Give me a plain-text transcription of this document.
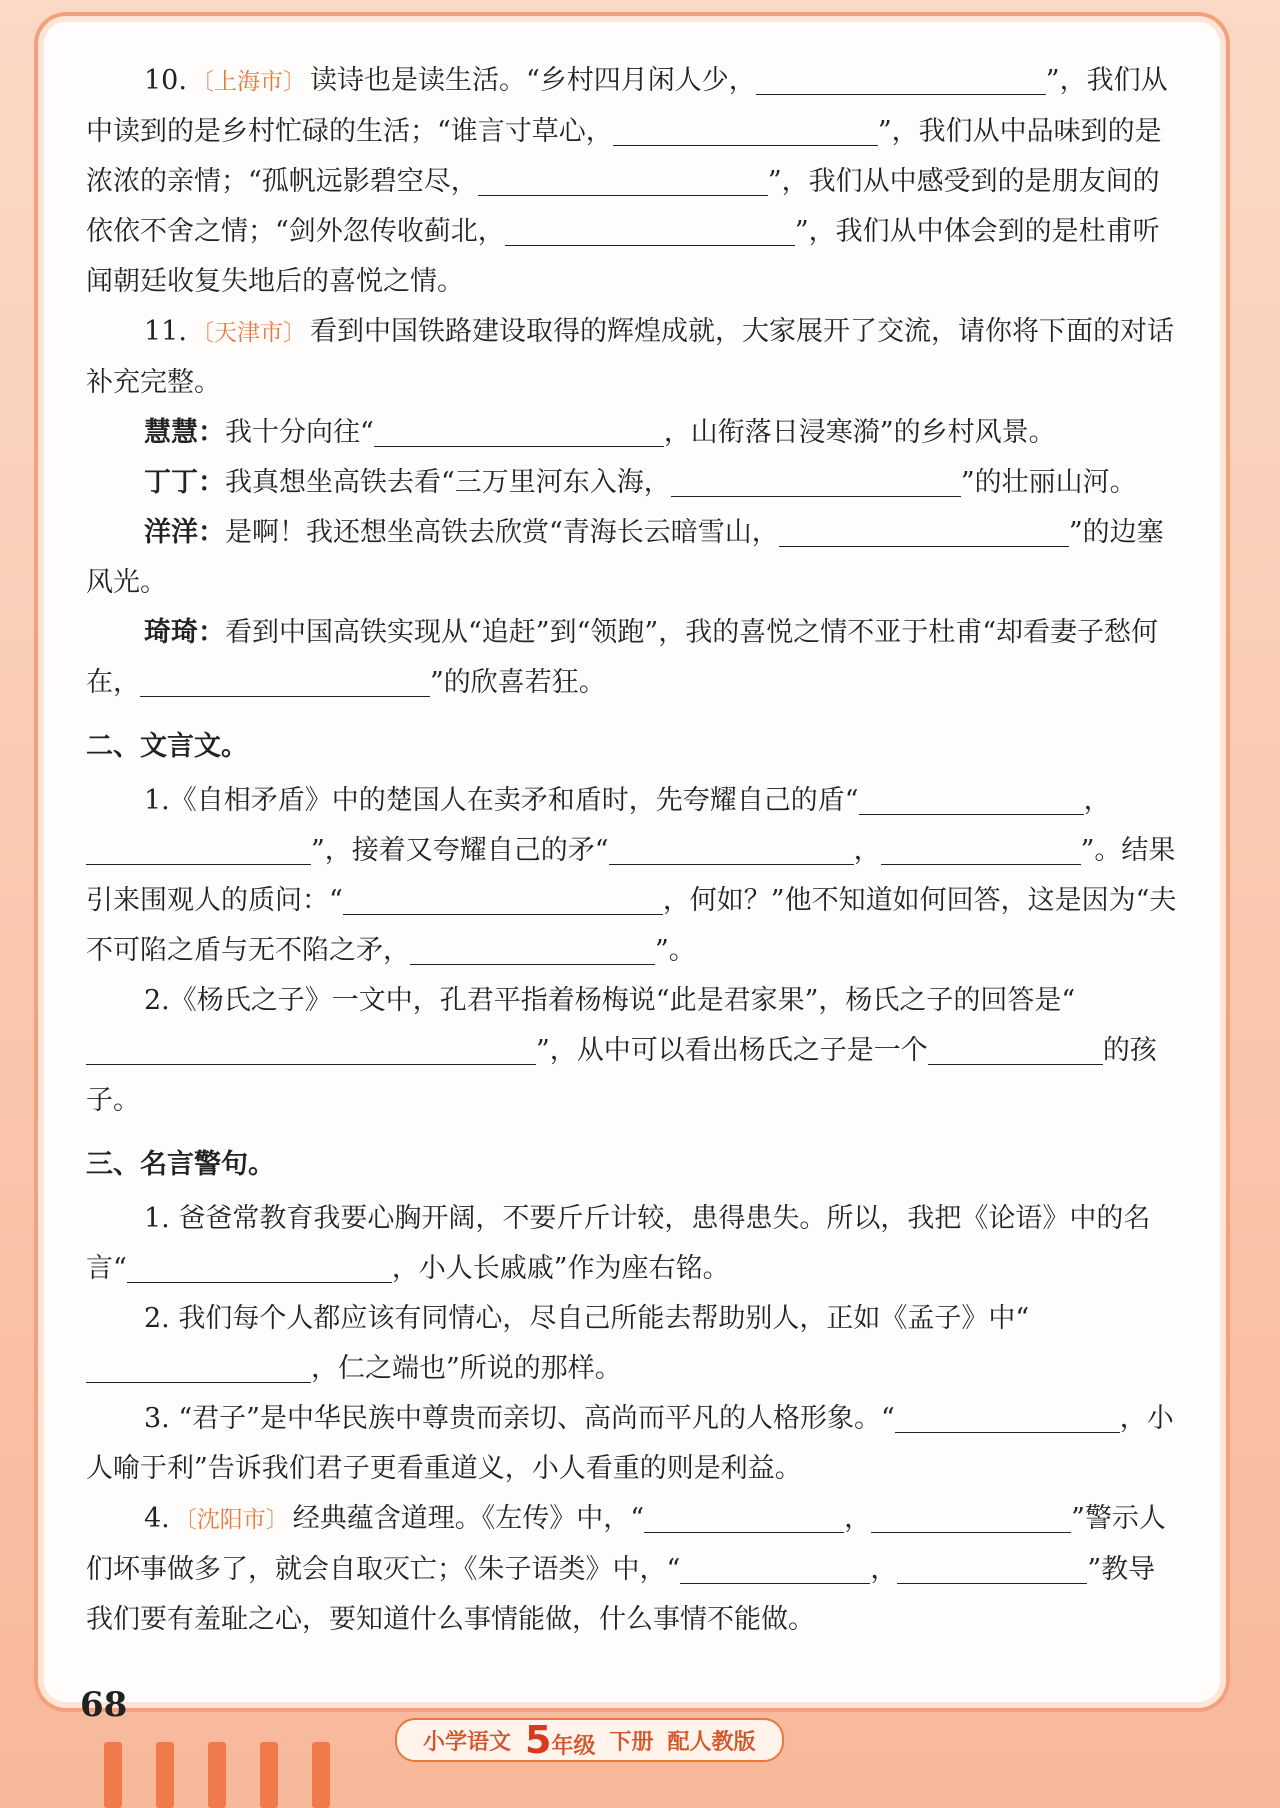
10. 〔上海市〕 读诗也是读生活。“乡村四月闲人少，	”，我们从中读到的是乡村忙碌的生活；“谁言寸草心，	”，我们从中品味到的是浓浓的亲情；“孤帆远影碧空尽，	”，我们从中感受到的是朋友间的依依不舍之情；“剑外忽传收蓟北，	”，我们从中体会到的是杜甫听闻朝廷收复失地后的喜悦之情。

11. 〔天津市〕 看到中国铁路建设取得的辉煌成就，大家展开了交流，请你将下面的对话补充完整。

慧慧：我十分向往“	，山衔落日浸寒漪”的乡村风景。

丁丁：我真想坐高铁去看“三万里河东入海，	”的壮丽山河。

洋洋：是啊！我还想坐高铁去欣赏“青海长云暗雪山，	”的边塞风光。

琦琦：看到中国高铁实现从“追赶”到“领跑”，我的喜悦之情不亚于杜甫“却看妻子愁何在，	”的欣喜若狂。

二、文言文。

1.《自相矛盾》中的楚国人在卖矛和盾时，先夸耀自己的盾“	，”，接着又夸耀自己的矛“	，	”。结果引来围观人的质问：“	，何如？”他不知道如何回答，这是因为“夫不可陷之盾与无不陷之矛，	”。

2.《杨氏之子》一文中，孔君平指着杨梅说“此是君家果”，杨氏之子的回答是“”，从中可以看出杨氏之子是一个	的孩子。

三、名言警句。

1. 爸爸常教育我要心胸开阔，不要斤斤计较，患得患失。所以，我把《论语》中的名言“	，小人长戚戚”作为座右铭。

2. 我们每个人都应该有同情心，尽自己所能去帮助别人，正如《孟子》中“，仁之端也”所说的那样。

3. “君子”是中华民族中尊贵而亲切、高尚而平凡的人格形象。“	，小人喻于利”告诉我们君子更看重道义，小人看重的则是利益。

4. 〔沈阳市〕 经典蕴含道理。《左传》中，“	，	”警示人们坏事做多了，就会自取灭亡；《朱子语类》中，“	，	”教导我们要有羞耻之心，要知道什么事情能做，什么事情不能做。

68
小学语文 5年级 下册 配人教版
